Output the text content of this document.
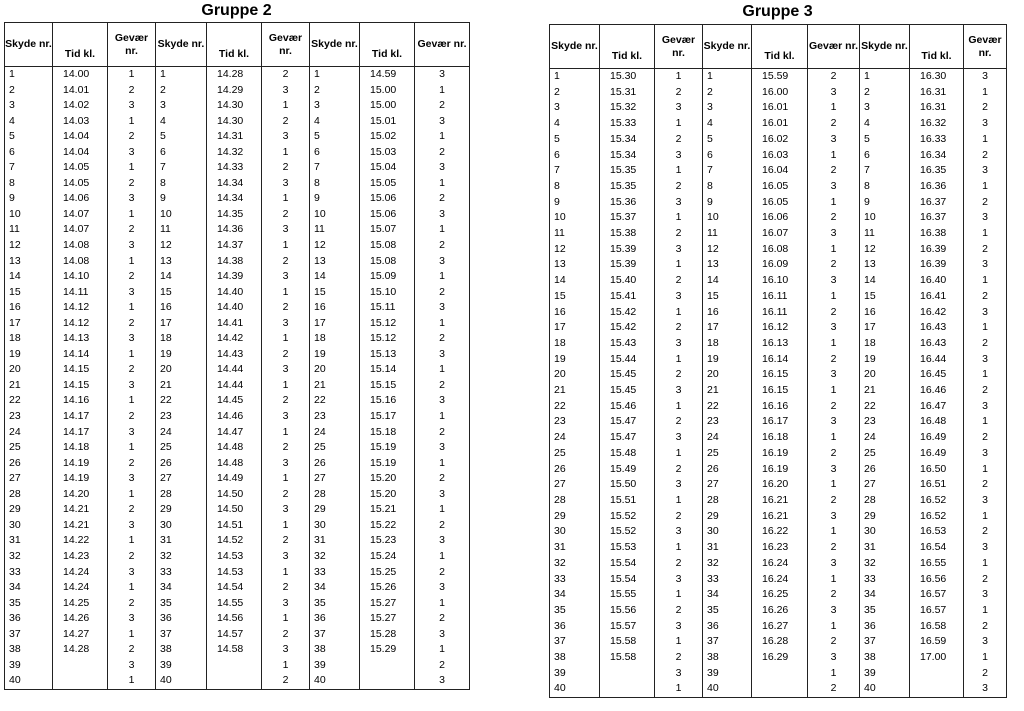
Gruppe 2
Skyde nr.	Tid kl.	Gevær nr.	Skyde nr.	Tid kl.	Gevær nr.	Skyde nr.	Tid kl.	Gevær nr.
1	14.00	1	1	14.28	2	1	14.59	3
2	14.01	2	2	14.29	3	2	15.00	1
3	14.02	3	3	14.30	1	3	15.00	2
4	14.03	1	4	14.30	2	4	15.01	3
5	14.04	2	5	14.31	3	5	15.02	1
6	14.04	3	6	14.32	1	6	15.03	2
7	14.05	1	7	14.33	2	7	15.04	3
8	14.05	2	8	14.34	3	8	15.05	1
9	14.06	3	9	14.34	1	9	15.06	2
10	14.07	1	10	14.35	2	10	15.06	3
11	14.07	2	11	14.36	3	11	15.07	1
12	14.08	3	12	14.37	1	12	15.08	2
13	14.08	1	13	14.38	2	13	15.08	3
14	14.10	2	14	14.39	3	14	15.09	1
15	14.11	3	15	14.40	1	15	15.10	2
16	14.12	1	16	14.40	2	16	15.11	3
17	14.12	2	17	14.41	3	17	15.12	1
18	14.13	3	18	14.42	1	18	15.12	2
19	14.14	1	19	14.43	2	19	15.13	3
20	14.15	2	20	14.44	3	20	15.14	1
21	14.15	3	21	14.44	1	21	15.15	2
22	14.16	1	22	14.45	2	22	15.16	3
23	14.17	2	23	14.46	3	23	15.17	1
24	14.17	3	24	14.47	1	24	15.18	2
25	14.18	1	25	14.48	2	25	15.19	3
26	14.19	2	26	14.48	3	26	15.19	1
27	14.19	3	27	14.49	1	27	15.20	2
28	14.20	1	28	14.50	2	28	15.20	3
29	14.21	2	29	14.50	3	29	15.21	1
30	14.21	3	30	14.51	1	30	15.22	2
31	14.22	1	31	14.52	2	31	15.23	3
32	14.23	2	32	14.53	3	32	15.24	1
33	14.24	3	33	14.53	1	33	15.25	2
34	14.24	1	34	14.54	2	34	15.26	3
35	14.25	2	35	14.55	3	35	15.27	1
36	14.26	3	36	14.56	1	36	15.27	2
37	14.27	1	37	14.57	2	37	15.28	3
38	14.28	2	38	14.58	3	38	15.29	1
39		3	39		1	39		2
40		1	40		2	40		3
Gruppe 3
Skyde nr.	Tid kl.	Gevær nr.	Skyde nr.	Tid kl.	Gevær nr.	Skyde nr.	Tid kl.	Gevær nr.
1	15.30	1	1	15.59	2	1	16.30	3
2	15.31	2	2	16.00	3	2	16.31	1
3	15.32	3	3	16.01	1	3	16.31	2
4	15.33	1	4	16.01	2	4	16.32	3
5	15.34	2	5	16.02	3	5	16.33	1
6	15.34	3	6	16.03	1	6	16.34	2
7	15.35	1	7	16.04	2	7	16.35	3
8	15.35	2	8	16.05	3	8	16.36	1
9	15.36	3	9	16.05	1	9	16.37	2
10	15.37	1	10	16.06	2	10	16.37	3
11	15.38	2	11	16.07	3	11	16.38	1
12	15.39	3	12	16.08	1	12	16.39	2
13	15.39	1	13	16.09	2	13	16.39	3
14	15.40	2	14	16.10	3	14	16.40	1
15	15.41	3	15	16.11	1	15	16.41	2
16	15.42	1	16	16.11	2	16	16.42	3
17	15.42	2	17	16.12	3	17	16.43	1
18	15.43	3	18	16.13	1	18	16.43	2
19	15.44	1	19	16.14	2	19	16.44	3
20	15.45	2	20	16.15	3	20	16.45	1
21	15.45	3	21	16.15	1	21	16.46	2
22	15.46	1	22	16.16	2	22	16.47	3
23	15.47	2	23	16.17	3	23	16.48	1
24	15.47	3	24	16.18	1	24	16.49	2
25	15.48	1	25	16.19	2	25	16.49	3
26	15.49	2	26	16.19	3	26	16.50	1
27	15.50	3	27	16.20	1	27	16.51	2
28	15.51	1	28	16.21	2	28	16.52	3
29	15.52	2	29	16.21	3	29	16.52	1
30	15.52	3	30	16.22	1	30	16.53	2
31	15.53	1	31	16.23	2	31	16.54	3
32	15.54	2	32	16.24	3	32	16.55	1
33	15.54	3	33	16.24	1	33	16.56	2
34	15.55	1	34	16.25	2	34	16.57	3
35	15.56	2	35	16.26	3	35	16.57	1
36	15.57	3	36	16.27	1	36	16.58	2
37	15.58	1	37	16.28	2	37	16.59	3
38	15.58	2	38	16.29	3	38	17.00	1
39		3	39		1	39		2
40		1	40		2	40		3
